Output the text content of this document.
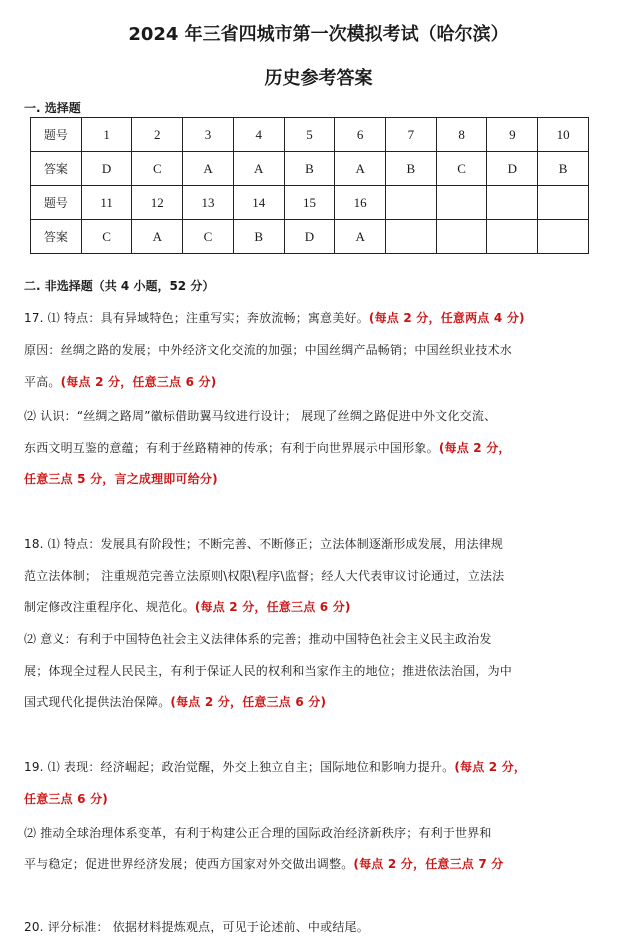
2024 年三省四城市第一次模拟考试（哈尔滨）
历史参考答案
一. 选择题
题号	1	2	3	4	5	6	7	8	9	10
答案	D	C	A	A	B	A	B	C	D	B
题号	11	12	13	14	15	16				
答案	C	A	C	B	D	A				
二. 非选择题（共 4 小题，52 分）
17. ⑴ 特点：具有异域特色；注重写实；奔放流畅；寓意美好。(每点 2 分，任意两点 4 分)
原因：丝绸之路的发展；中外经济文化交流的加强；中国丝绸产品畅销；中国丝织业技术水
平高。(每点 2 分，任意三点 6 分)
⑵ 认识：“丝绸之路周”徽标借助翼马纹进行设计； 展现了丝绸之路促进中外文化交流、
东西文明互鉴的意蕴；有利于丝路精神的传承；有利于向世界展示中国形象。(每点 2 分，
任意三点 5 分，言之成理即可给分)
18. ⑴ 特点：发展具有阶段性；不断完善、不断修正；立法体制逐渐形成发展，用法律规
范立法体制； 注重规范完善立法原则\权限\程序\监督；经人大代表审议讨论通过，立法法
制定修改注重程序化、规范化。(每点 2 分，任意三点 6 分)
⑵ 意义：有利于中国特色社会主义法律体系的完善；推动中国特色社会主义民主政治发
展；体现全过程人民民主，有利于保证人民的权利和当家作主的地位；推进依法治国，为中
国式现代化提供法治保障。(每点 2 分，任意三点 6 分)
19. ⑴ 表现：经济崛起；政治觉醒，外交上独立自主；国际地位和影响力提升。(每点 2 分，
任意三点 6 分)
⑵ 推动全球治理体系变革，有利于构建公正合理的国际政治经济新秩序；有利于世界和
平与稳定；促进世界经济发展；使西方国家对外交做出调整。(每点 2 分，任意三点 7 分
20. 评分标准： 依据材料提炼观点，可见于论述前、中或结尾。
